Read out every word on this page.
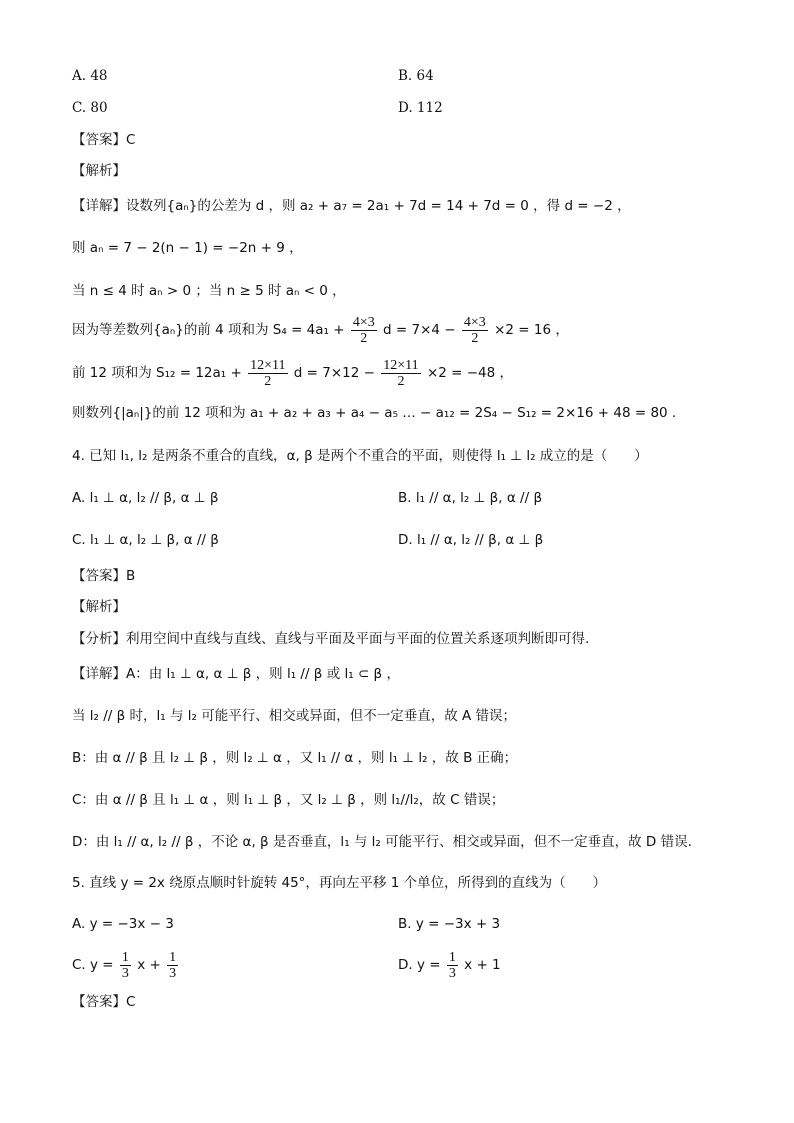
A. 48	B. 64
C. 80	D. 112
【答案】C
【解析】
【详解】设数列{aₙ}的公差为 d ，则 a₂ + a₇ = 2a₁ + 7d = 14 + 7d = 0 ，得 d = −2 ，
则 aₙ = 7 − 2(n − 1) = −2n + 9 ，
当 n ≤ 4 时 aₙ > 0 ；当 n ≥ 5 时 aₙ < 0 ，
因为等差数列{aₙ}的前 4 项和为 $S_4 = 4a_1 + \frac{4\times 3}{2}$ $d = 7\times 4 - \frac{4\times 3}{2} \times 2 = 16$ ，
前 12 项和为 $S_{12} = 12a_1 + \frac{12\times 11}{2}$ $d = 7\times 12 - \frac{12\times 11}{2} \times 2 = -48$ ，
则数列{|aₙ|}的前 12 项和为 a₁ + a₂ + a₃ + a₄ − a₅ … − a₁₂ = 2S₄ − S₁₂ = 2×16 + 48 = 80 .
4. 已知 l₁, l₂ 是两条不重合的直线，α, β 是两个不重合的平面，则使得 l₁ ⊥ l₂ 成立的是（　　）
A. l₁ ⊥ α, l₂ // β, α ⊥ β	B. l₁ // α, l₂ ⊥ β, α // β
C. l₁ ⊥ α, l₂ ⊥ β, α // β	D. l₁ // α, l₂ // β, α ⊥ β
【答案】B
【解析】
【分析】利用空间中直线与直线、直线与平面及平面与平面的位置关系逐项判断即可得.
【详解】A：由 l₁ ⊥ α, α ⊥ β ，则 l₁ // β 或 l₁ ⊂ β ，
当 l₂ // β 时，l₁ 与 l₂ 可能平行、相交或异面，但不一定垂直，故 A 错误；
B：由 α // β 且 l₂ ⊥ β ，则 l₂ ⊥ α ，又 l₁ // α ，则 l₁ ⊥ l₂ ，故 B 正确；
C：由 α // β 且 l₁ ⊥ α ，则 l₁ ⊥ β ，又 l₂ ⊥ β ，则 l₁//l₂，故 C 错误；
D：由 l₁ // α, l₂ // β ，不论 α, β 是否垂直，l₁ 与 l₂ 可能平行、相交或异面，但不一定垂直，故 D 错误.
5. 直线 y = 2x 绕原点顺时针旋转 45°，再向左平移 1 个单位，所得到的直线为（　　）
A. y = −3x − 3	B. y = −3x + 3
C. $y = \frac{1}{3}$ $x + \frac{1}{3}$	D. $y = \frac{1}{3}$ x + 1
【答案】C
